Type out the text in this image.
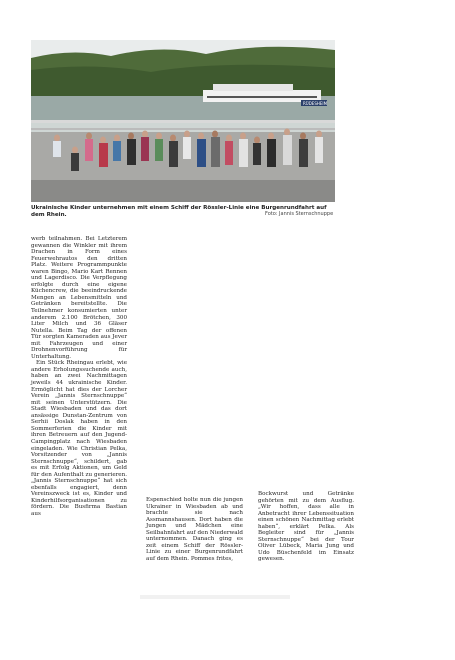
RÜDESHEIM
Ukrainische Kinder unternehmen mit einem Schiff der Rössler-Linie eine Burgenrundfahrt auf dem Rhein.	Foto: Jannis Sternschnuppe

werb teilnahmen. Bei Letzterem gewannen die Winkler mit ihrem Drachen in Form eines Feuerwehrautos den dritten Platz. Weitere Programmpunkte waren Bingo, Mario Kart Rennen und Lagerdisco. Die Verpflegung erfolgte durch eine eigene Küchencrew, die beeindruckende Mengen an Lebensmitteln und Getränken bereitstellte. Die Teilnehmer konsumierten unter anderem 2.100 Brötchen, 300 Liter Milch und 36 Gläser Nutella. Beim Tag der offenen Tür sorgten Kameraden aus Jever mit Fahrzeugen und einer Drohnenvorführung für Unterhaltung.

Ein Stück Rheingau erlebt, wie andere Erholungssuchende auch, haben an zwei Nachmittagen jeweils 44 ukrainische Kinder. Ermöglicht hat dies der Lorcher Verein „Jannis Sternschnuppe“ mit seinen Unterstützern. Die Stadt Wiesbaden und das dort ansässige Dunstan-Zentrum von Serhii Doslak haben in den Sommerferien die Kinder mit ihren Betreuern auf den Jugend-Campingplatz nach Wiesbaden eingeladen. Wie Christian Pelka, Vorsitzender von „Jannis Sternschnuppe“, schildert, gab es mit Erfolg Aktionen, um Geld für den Aufenthalt zu generieren. „Jannis Sternschnuppe“ hat sich ebenfalls engagiert, denn Vereinszweck ist es, Kinder und Kinderhilfsorganisationen zu fördern. Die Busfirma Bastian aus

Espenschied holte nun die jungen Ukrainer in Wiesbaden ab und brachte sie nach Assmannshausen. Dort haben die Jungen und Mädchen eine Seilbahnfahrt auf den Niederwald unternommen. Danach ging es zeit einem Schiff der Rössler-Linie zu einer Burgenrundfahrt auf dem Rhein. Pommes frites,

Bockwurst und Getränke gehörten mit zu dem Ausflug. „Wir hoffen, dass alle in Anbetracht ihrer Lebenssituation einen schönen Nachmittag erlebt haben“, erklärt Pelka. Als Begleiter sind für „Jannis Sternschnuppe“ bei der Tour Oliver Lübeck, Maria Jung und Udo Büschenfeld im Einsatz gewesen.
